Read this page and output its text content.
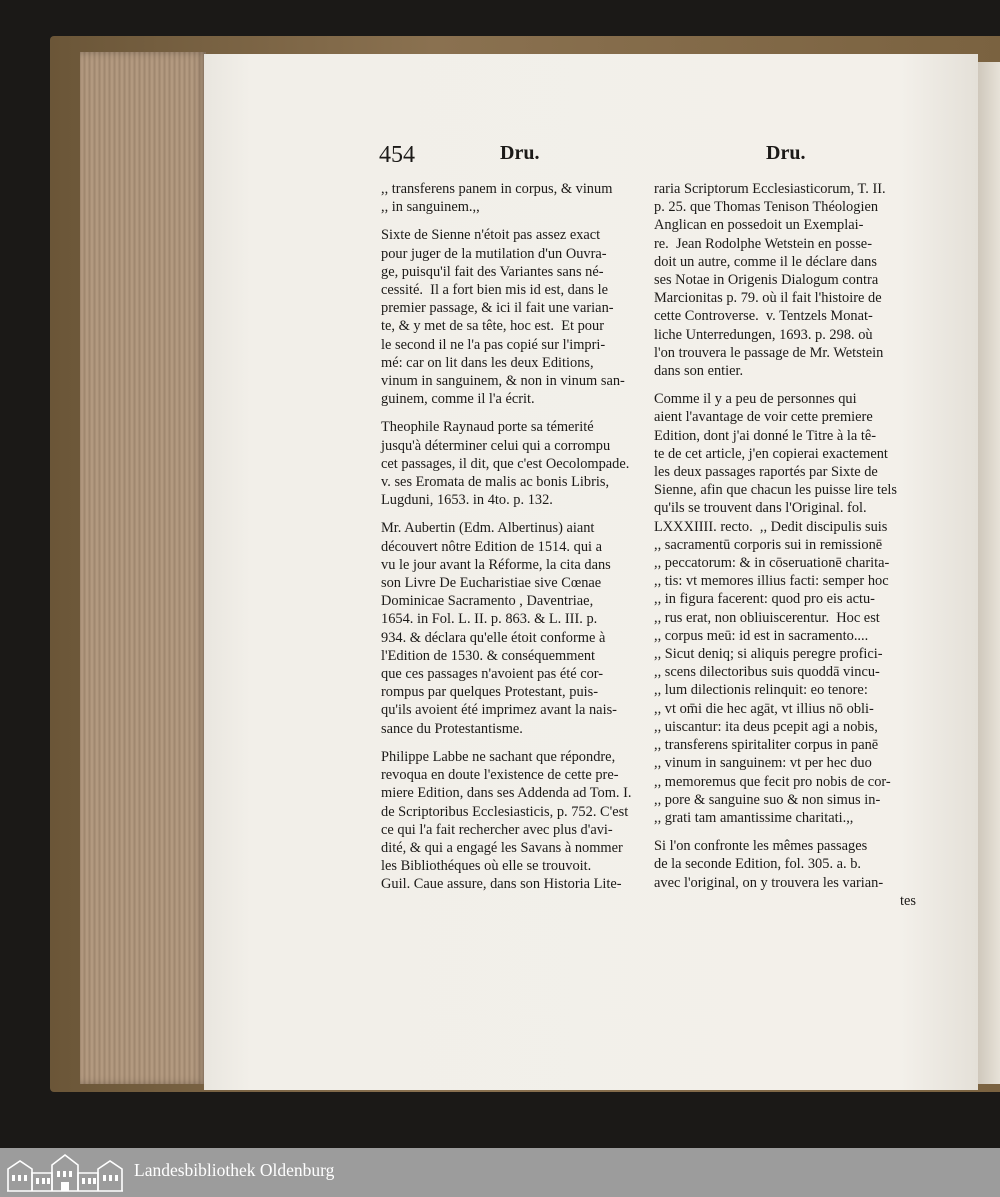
454	Dru.	Dru.
,, transferens panem in corpus, & vinum
,, in sanguinem.,,
Sixte de Sienne n'étoit pas assez exact
pour juger de la mutilation d'un Ouvra-
ge, puisqu'il fait des Variantes sans né-
cessité.  Il a fort bien mis id est, dans le
premier passage, & ici il fait une varian-
te, & y met de sa tête, hoc est.  Et pour
le second il ne l'a pas copié sur l'impri-
mé: car on lit dans les deux Editions,
vinum in sanguinem, & non in vinum san-
guinem, comme il l'a écrit.
Theophile Raynaud porte sa témerité
jusqu'à déterminer celui qui a corrompu
cet passages, il dit, que c'est Oecolompade.
v. ses Eromata de malis ac bonis Libris,
Lugduni, 1653. in 4to. p. 132.
Mr. Aubertin (Edm. Albertinus) aiant
découvert nôtre Edition de 1514. qui a
vu le jour avant la Réforme, la cita dans
son Livre De Eucharistiae sive Cœnae
Dominicae Sacramento , Daventriae,
1654. in Fol. L. II. p. 863. & L. III. p.
934. & déclara qu'elle étoit conforme à
l'Edition de 1530. & conséquemment
que ces passages n'avoient pas été cor-
rompus par quelques Protestant, puis-
qu'ils avoient été imprimez avant la nais-
sance du Protestantisme.
Philippe Labbe ne sachant que répondre,
revoqua en doute l'existence de cette pre-
miere Edition, dans ses Addenda ad Tom. I.
de Scriptoribus Ecclesiasticis, p. 752. C'est
ce qui l'a fait rechercher avec plus d'avi-
dité, & qui a engagé les Savans à nommer
les Bibliothéques où elle se trouvoit.
Guil. Caue assure, dans son Historia Lite-
raria Scriptorum Ecclesiasticorum, T. II.
p. 25. que Thomas Tenison Théologien
Anglican en possedoit un Exemplai-
re.  Jean Rodolphe Wetstein en posse-
doit un autre, comme il le déclare dans
ses Notae in Origenis Dialogum contra
Marcionitas p. 79. où il fait l'histoire de
cette Controverse.  v. Tentzels Monat-
liche Unterredungen, 1693. p. 298. où
l'on trouvera le passage de Mr. Wetstein
dans son entier.
Comme il y a peu de personnes qui
aient l'avantage de voir cette premiere
Edition, dont j'ai donné le Titre à la tê-
te de cet article, j'en copierai exactement
les deux passages raportés par Sixte de
Sienne, afin que chacun les puisse lire tels
qu'ils se trouvent dans l'Original. fol.
LXXXIIII. recto.  ,, Dedit discipulis suis
,, sacramentū corporis sui in remissionē
,, peccatorum: & in cōseruationē charita-
,, tis: vt memores illius facti: semper hoc
,, in figura facerent: quod pro eis actu-
,, rus erat, non obliuiscerentur.  Hoc est
,, corpus meū: id est in sacramento....
,, Sicut deniq; si aliquis peregre profici-
,, scens dilectoribus suis quoddā vincu-
,, lum dilectionis relinquit: eo tenore:
,, vt om̄i die hec agāt, vt illius nō obli-
,, uiscantur: ita deus pcepit agi a nobis,
,, transferens spiritaliter corpus in panē
,, vinum in sanguinem: vt per hec duo
,, memoremus que fecit pro nobis de cor-
,, pore & sanguine suo & non simus in-
,, grati tam amantissime charitati.,,
Si l'on confronte les mêmes passages
de la seconde Edition, fol. 305. a. b.
avec l'original, on y trouvera les varian-
tes
Landesbibliothek Oldenburg
